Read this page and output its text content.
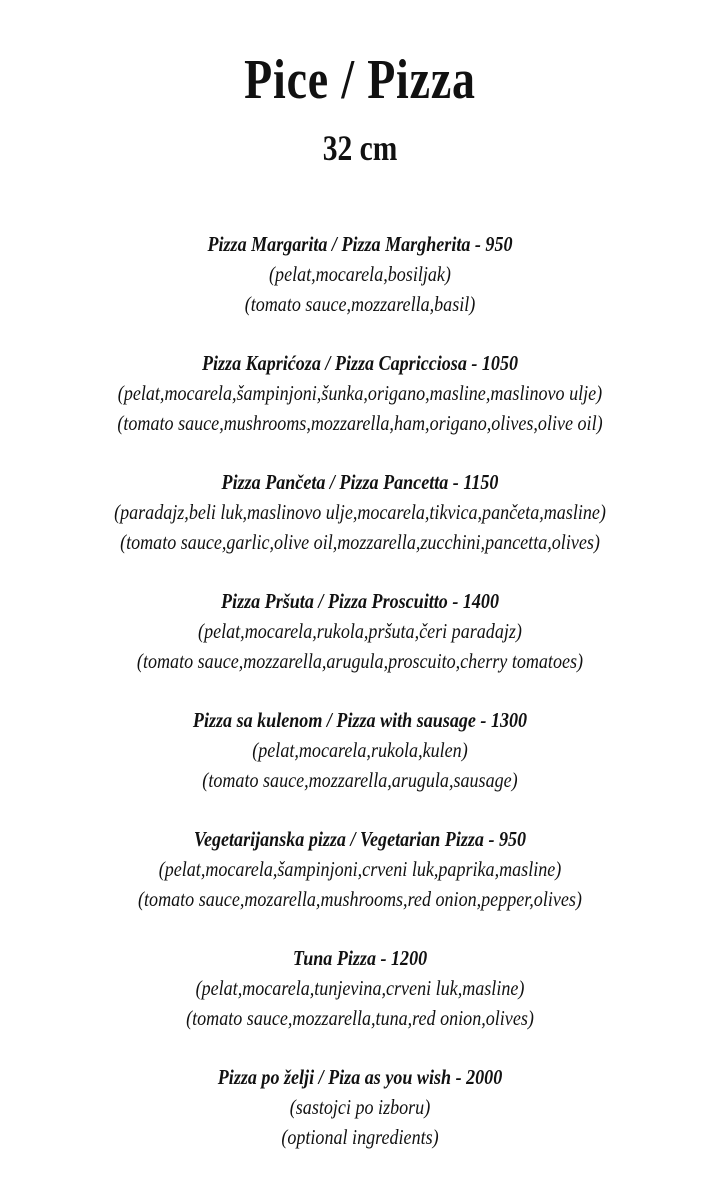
Pice / Pizza
32 cm
Pizza Margarita / Pizza Margherita - 950
(pelat,mocarela,bosiljak)
(tomato sauce,mozzarella,basil)
Pizza Kaprićoza / Pizza Capricciosa - 1050
(pelat,mocarela,šampinjoni,šunka,origano,masline,maslinovo ulje)
(tomato sauce,mushrooms,mozzarella,ham,origano,olives,olive oil)
Pizza Pančeta / Pizza Pancetta - 1150
(paradajz,beli luk,maslinovo ulje,mocarela,tikvica,pančeta,masline)
(tomato sauce,garlic,olive oil,mozzarella,zucchini,pancetta,olives)
Pizza Pršuta / Pizza Proscuitto - 1400
(pelat,mocarela,rukola,pršuta,čeri paradajz)
(tomato sauce,mozzarella,arugula,proscuito,cherry tomatoes)
Pizza sa kulenom / Pizza with sausage - 1300
(pelat,mocarela,rukola,kulen)
(tomato sauce,mozzarella,arugula,sausage)
Vegetarijanska pizza / Vegetarian Pizza - 950
(pelat,mocarela,šampinjoni,crveni luk,paprika,masline)
(tomato sauce,mozarella,mushrooms,red onion,pepper,olives)
Tuna Pizza - 1200
(pelat,mocarela,tunjevina,crveni luk,masline)
(tomato sauce,mozzarella,tuna,red onion,olives)
Pizza po želji / Piza as you wish - 2000
(sastojci po izboru)
(optional ingredients)
